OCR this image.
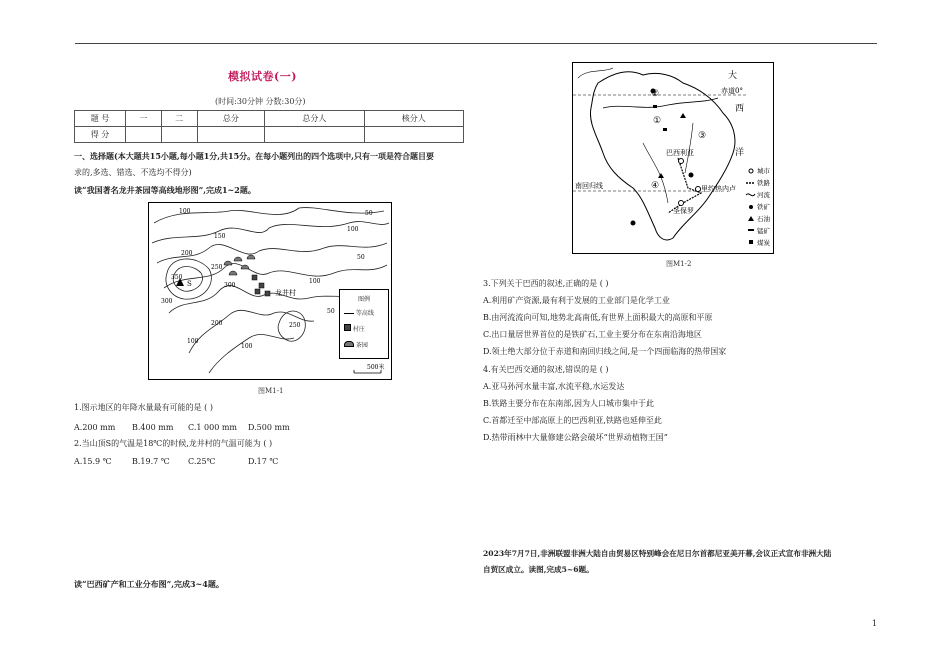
模拟试卷(一)
(时间:30分钟 分数:30分)
题 号	一	二	总分	总分人	核分人
得 分					
一、选择题(本大题共15小题,每小题1分,共15分。在每小题列出的四个选项中,只有一项是符合题目要
求的,多选、错选、不选均不得分)
读“我国著名龙井茶园等高线地形图”,完成1~2题。
S
100
150
200
200
250
250
300
300
350
100
100
100
100
50
50
50
龙井村
500米
图例
等高线
村庄
茶园
图M1-1
1.图示地区的年降水量最有可能的是 ( )
A.200 mm B.400 mm C.1 000 mm D.500 mm
2.当山顶S的气温是18℃的时候,龙井村的气温可能为 ( )
A.15.9 ℃	B.19.7 ℃ C.25℃	D.17 ℃
读“巴西矿产和工业分布图”,完成3~4题。
①
②
③
④
大
西
洋
赤道0°
巴西利亚
南回归线	里约热内卢
圣保罗
城市
铁路
河流
铁矿
石油
锰矿
煤炭
图M1-2
3.下列关于巴西的叙述,正确的是 ( )
A.利用矿产资源,最有利于发展的工业部门是化学工业
B.由河流流向可知,地势北高南低,有世界上面积最大的高原和平原
C.出口量居世界首位的是铁矿石,工业主要分布在东南沿海地区
D.领土绝大部分位于赤道和南回归线之间,是一个四面临海的热带国家
4.有关巴西交通的叙述,错误的是 ( )
A.亚马孙河水量丰富,水流平稳,水运发达
B.铁路主要分布在东南部,因为人口城市集中于此
C.首都迁至中部高原上的巴西利亚,铁路也延伸至此
D.热带雨林中大量修建公路会破坏“世界动植物王国”
2023年7月7日,非洲联盟非洲大陆自由贸易区特别峰会在尼日尔首都尼亚美开幕,会议正式宣布非洲大陆
自贸区成立。读图,完成5~6题。
1
